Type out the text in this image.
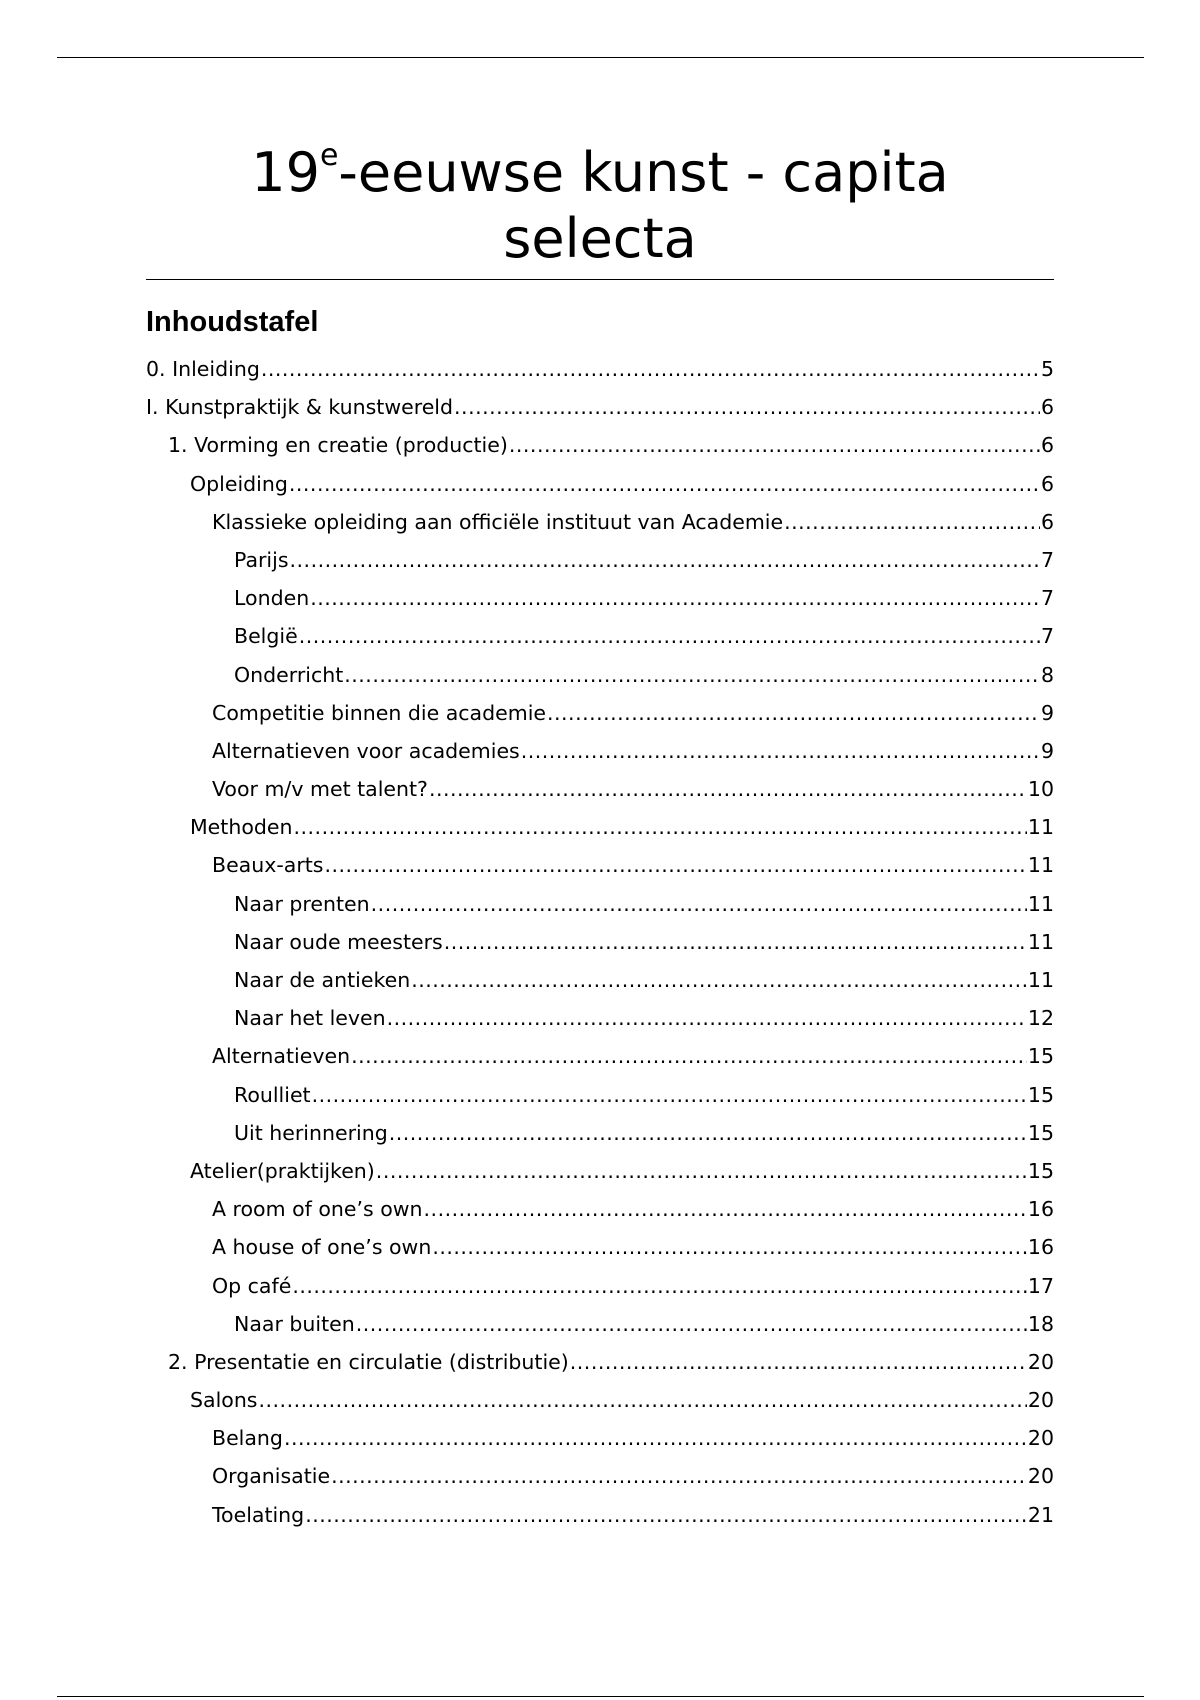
19e-eeuwse kunst - capita
selecta
Inhoudstafel
0. Inleiding .....	5
I. Kunstpraktijk & kunstwereld .....	6
1. Vorming en creatie (productie) .....	6
Opleiding .....	6
Klassieke opleiding aan officiële instituut van Academie .....	6
Parijs .....	7
Londen .....	7
België .....	7
Onderricht .....	8
Competitie binnen die academie .....	9
Alternatieven voor academies .....	9
Voor m/v met talent? .....	10
Methoden .....	11
Beaux-arts .....	11
Naar prenten .....	11
Naar oude meesters .....	11
Naar de antieken .....	11
Naar het leven .....	12
Alternatieven .....	15
Roulliet .....	15
Uit herinnering .....	15
Atelier(praktijken) .....	15
A room of one’s own .....	16
A house of one’s own .....	16
Op café .....	17
Naar buiten .....	18
2. Presentatie en circulatie (distributie) .....	20
Salons .....	20
Belang .....	20
Organisatie .....	20
Toelating .....	21
